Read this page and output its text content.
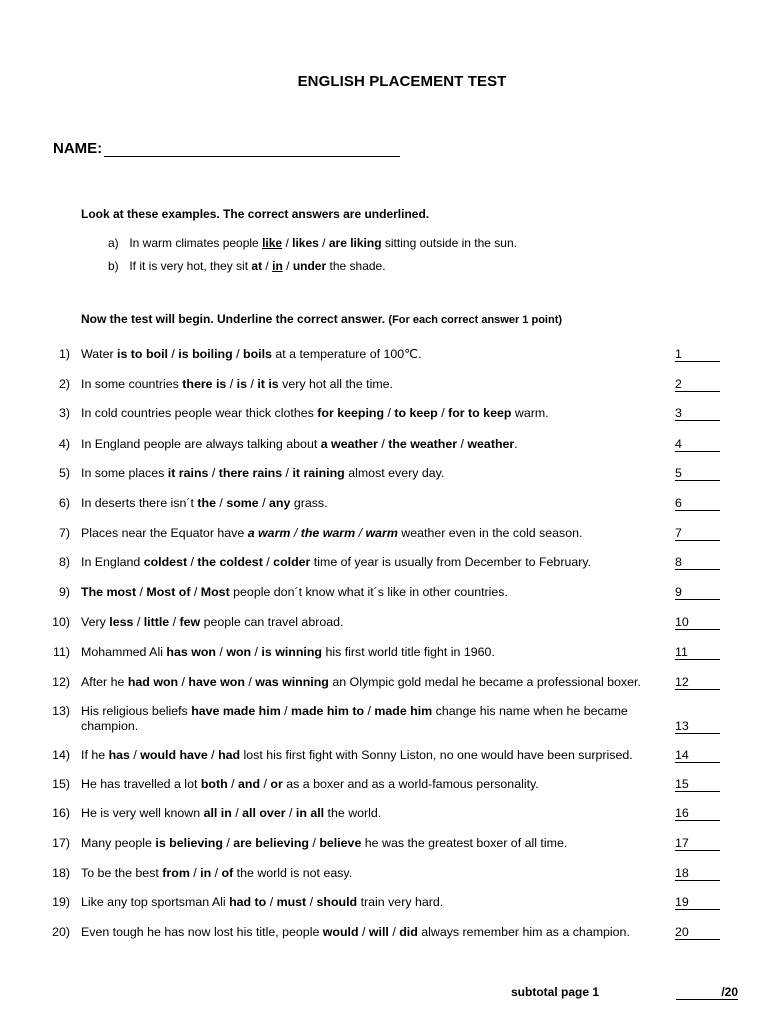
ENGLISH PLACEMENT TEST
NAME:
Look at these examples. The correct answers are underlined.
a) In warm climates people like / likes / are liking sitting outside in the sun.
b) If it is very hot, they sit at / in / under the shade.
Now the test will begin. Underline the correct answer. (For each correct answer 1 point)
1) Water is to boil / is boiling / boils at a temperature of 100℃.	1
2) In some countries there is / is / it is very hot all the time.	2
3) In cold countries people wear thick clothes for keeping / to keep / for to keep warm.	3
4) In England people are always talking about a weather / the weather / weather.	4
5) In some places it rains / there rains / it raining almost every day.	5
6) In deserts there isn´t the / some / any grass.	6
7) Places near the Equator have a warm / the warm / warm weather even in the cold season.	7
8) In England coldest / the coldest / colder time of year is usually from December to February.	8
9) The most / Most of / Most people don´t know what it´s like in other countries.	9
10) Very less / little / few people can travel abroad.	10
11) Mohammed Ali has won / won / is winning his first world title fight in 1960.	11
12) After he had won / have won / was winning an Olympic gold medal he became a professional boxer.	12
13) His religious beliefs have made him / made him to / made him change his name when he became champion.	13
14) If he has / would have / had lost his first fight with Sonny Liston, no one would have been surprised.	14
15) He has travelled a lot both / and / or as a boxer and as a world-famous personality.	15
16) He is very well known all in / all over / in all the world.	16
17) Many people is believing / are believing / believe he was the greatest boxer of all time.	17
18) To be the best from / in / of the world is not easy.	18
19) Like any top sportsman Ali had to / must / should train very hard.	19
20) Even tough he has now lost his title, people would / will / did always remember him as a champion.	20
subtotal page 1	/20
